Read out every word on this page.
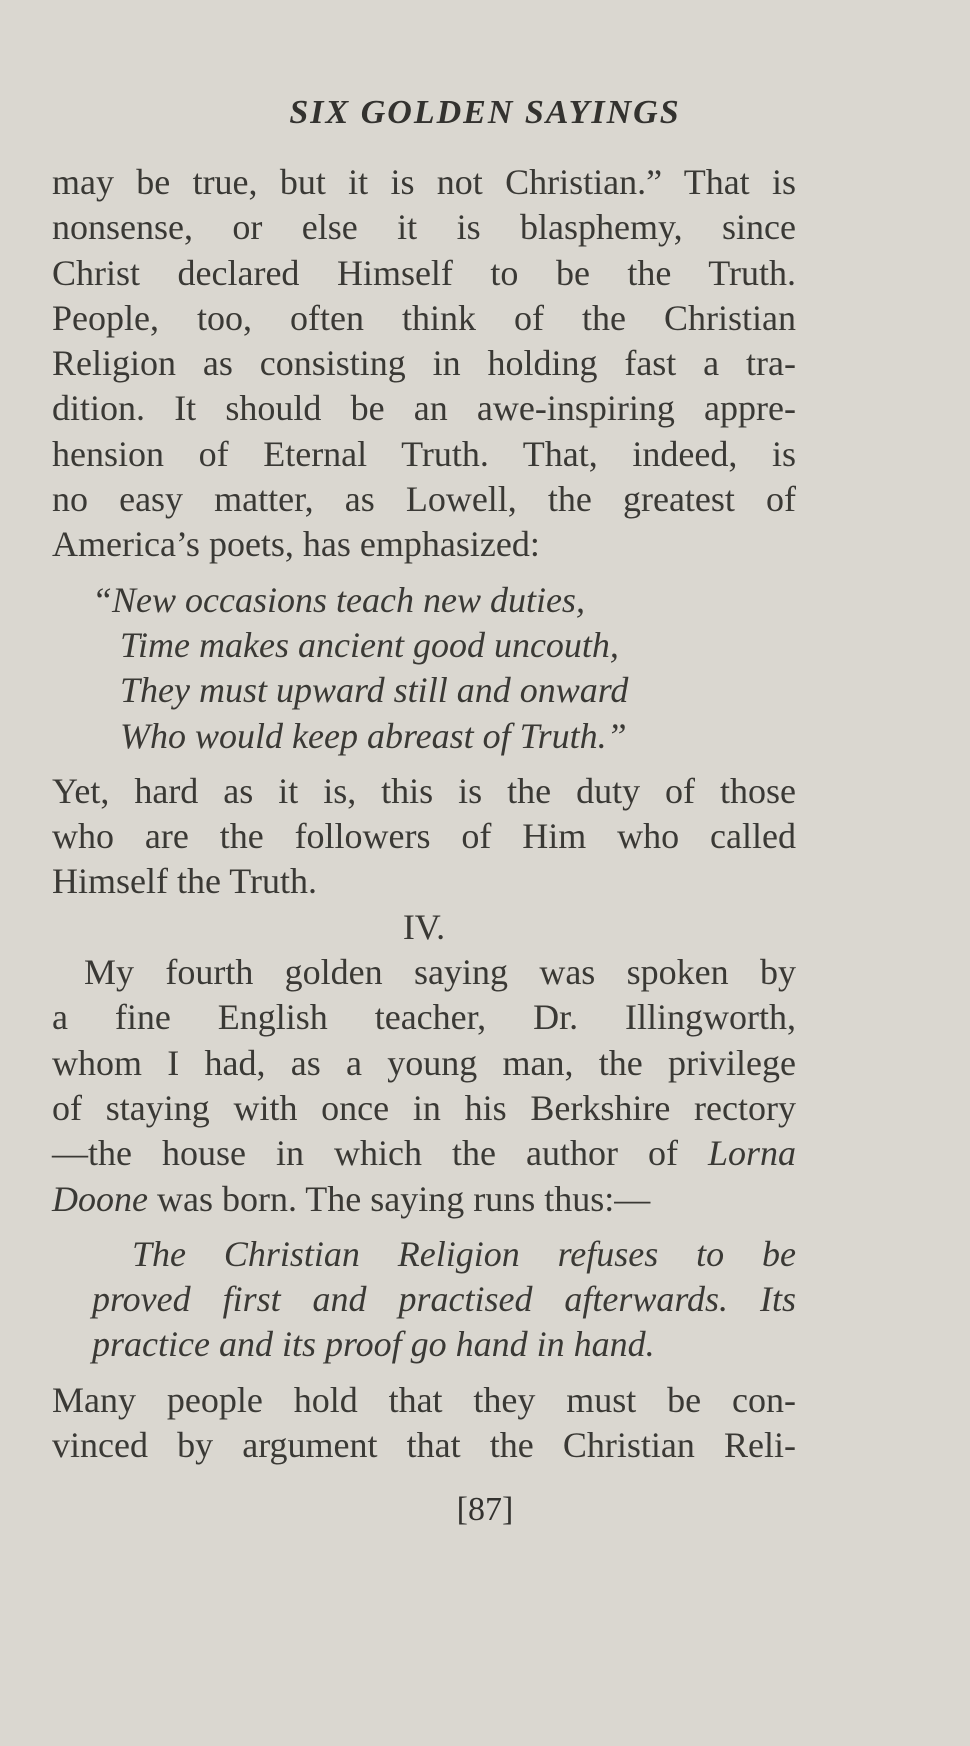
SIX GOLDEN SAYINGS

may be true, but it is not Christian.” That is
nonsense, or else it is blasphemy, since
Christ declared Himself to be the Truth.
People, too, often think of the Christian
Religion as consisting in holding fast a tra-
dition. It should be an awe-inspiring appre-
hension of Eternal Truth. That, indeed, is
no easy matter, as Lowell, the greatest of
America’s poets, has emphasized:

“New occasions teach new duties,
Time makes ancient good uncouth,
They must upward still and onward
Who would keep abreast of Truth.”

Yet, hard as it is, this is the duty of those
who are the followers of Him who called
Himself the Truth.

IV.

My fourth golden saying was spoken by
a fine English teacher, Dr. Illingworth,
whom I had, as a young man, the privilege
of staying with once in his Berkshire rectory
—the house in which the author of Lorna
Doone was born. The saying runs thus:—

The Christian Religion refuses to be
proved first and practised afterwards. Its
practice and its proof go hand in hand.

Many people hold that they must be con-
vinced by argument that the Christian Reli-

[87]
